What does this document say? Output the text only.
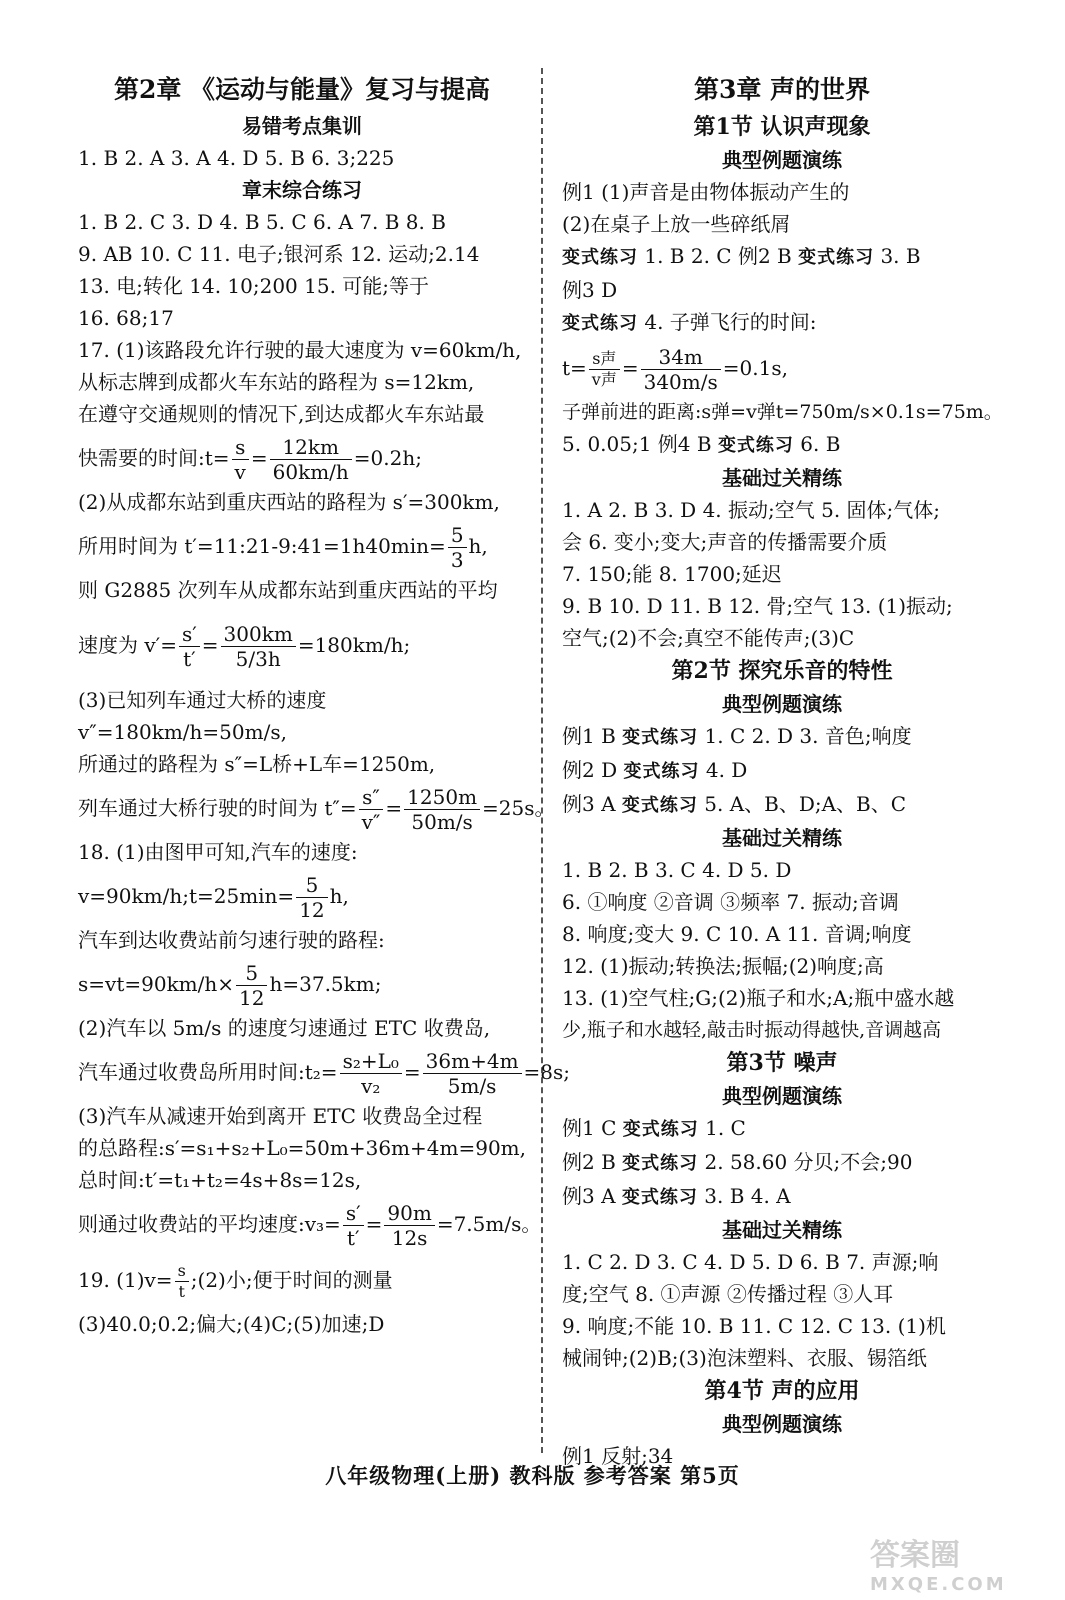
第2章 《运动与能量》复习与提高

易错考点集训

1. B 2. A 3. A 4. D 5. B 6. 3;225

章末综合练习

1. B 2. C 3. D 4. B 5. C 6. A 7. B 8. B

9. AB 10. C 11. 电子;银河系 12. 运动;2.14

13. 电;转化 14. 10;200 15. 可能;等于

16. 68;17

17. (1)该路段允许行驶的最大速度为 v=60km/h,

从标志牌到成都火车东站的路程为 s=12km,

在遵守交通规则的情况下,到达成都火车东站最

快需要的时间:t= $\frac{s}{v} = \frac{12km}{60km/h} =0.2h$;

(2)从成都东站到重庆西站的路程为 s′=300km,

所用时间为 t′=11:21-9:41=1h40min= $\frac{5}{3} h$,

则 G2885 次列车从成都东站到重庆西站的平均

速度为 $v'= \frac{s'}{t'} = \frac{300km}{5/3h} =180km/h$;

(3)已知列车通过大桥的速度

v″=180km/h=50m/s,

所通过的路程为 s″=L桥+L车=1250m,

列车通过大桥行驶的时间为 $t''= \frac{s''}{v''} = \frac{1250m}{50m/s} =25s$。

18. (1)由图甲可知,汽车的速度:

v=90km/h;t=25min= $\frac{5}{12} h$,

汽车到达收费站前匀速行驶的路程:

$s=vt=90km/h\times \frac{5}{12} h=37.5km$;

(2)汽车以 5m/s 的速度匀速通过 ETC 收费岛,

汽车通过收费岛所用时间:t₂= $\frac{\text{s₂+L₀}}{\text{v₂}} = \frac{36m+4m}{5m/s} =8s$;

(3)汽车从减速开始到离开 ETC 收费岛全过程

的总路程:s′=s₁+s₂+L₀=50m+36m+4m=90m,

总时间:t′=t₁+t₂=4s+8s=12s,

则通过收费站的平均速度:v₃= $\frac{s'}{t'} = \frac{90m}{12s} =7.5m/s$。

19. $(1)v= \frac{s}{t}$ ;(2)小;便于时间的测量

(3)40.0;0.2;偏大;(4)C;(5)加速;D

第3章 声的世界

第1节 认识声现象

典型例题演练

例1 (1)声音是由物体振动产生的

(2)在桌子上放一些碎纸屑

变式练习 1. B 2. C 例2 B 变式练习 3. B

例3 D

变式练习 4. 子弹飞行的时间:

$t= \frac{\text{s声}}{\text{v声}} = \frac{34m}{340m/s} =0.1s$,

子弹前进的距离:s弹=v弹t=750m/s×0.1s=75m。

5. 0.05;1 例4 B 变式练习 6. B

基础过关精练

1. A 2. B 3. D 4. 振动;空气 5. 固体;气体;

会 6. 变小;变大;声音的传播需要介质

7. 150;能 8. 1700;延迟

9. B 10. D 11. B 12. 骨;空气 13. (1)振动;

空气;(2)不会;真空不能传声;(3)C

第2节 探究乐音的特性

典型例题演练

例1 B 变式练习 1. C 2. D 3. 音色;响度

例2 D 变式练习 4. D

例3 A 变式练习 5. A、B、D;A、B、C

基础过关精练

1. B 2. B 3. C 4. D 5. D

6. ①响度 ②音调 ③频率 7. 振动;音调

8. 响度;变大 9. C 10. A 11. 音调;响度

12. (1)振动;转换法;振幅;(2)响度;高

13. (1)空气柱;G;(2)瓶子和水;A;瓶中盛水越

少,瓶子和水越轻,敲击时振动得越快,音调越高

第3节 噪声

典型例题演练

例1 C 变式练习 1. C

例2 B 变式练习 2. 58.60 分贝;不会;90

例3 A 变式练习 3. B 4. A

基础过关精练

1. C 2. D 3. C 4. D 5. D 6. B 7. 声源;响

度;空气 8. ①声源 ②传播过程 ③人耳

9. 响度;不能 10. B 11. C 12. C 13. (1)机

械闹钟;(2)B;(3)泡沫塑料、衣服、锡箔纸

第4节 声的应用

典型例题演练

例1 反射;34

八年级物理(上册) 教科版 参考答案 第5页
答案圈
MXQE.COM
